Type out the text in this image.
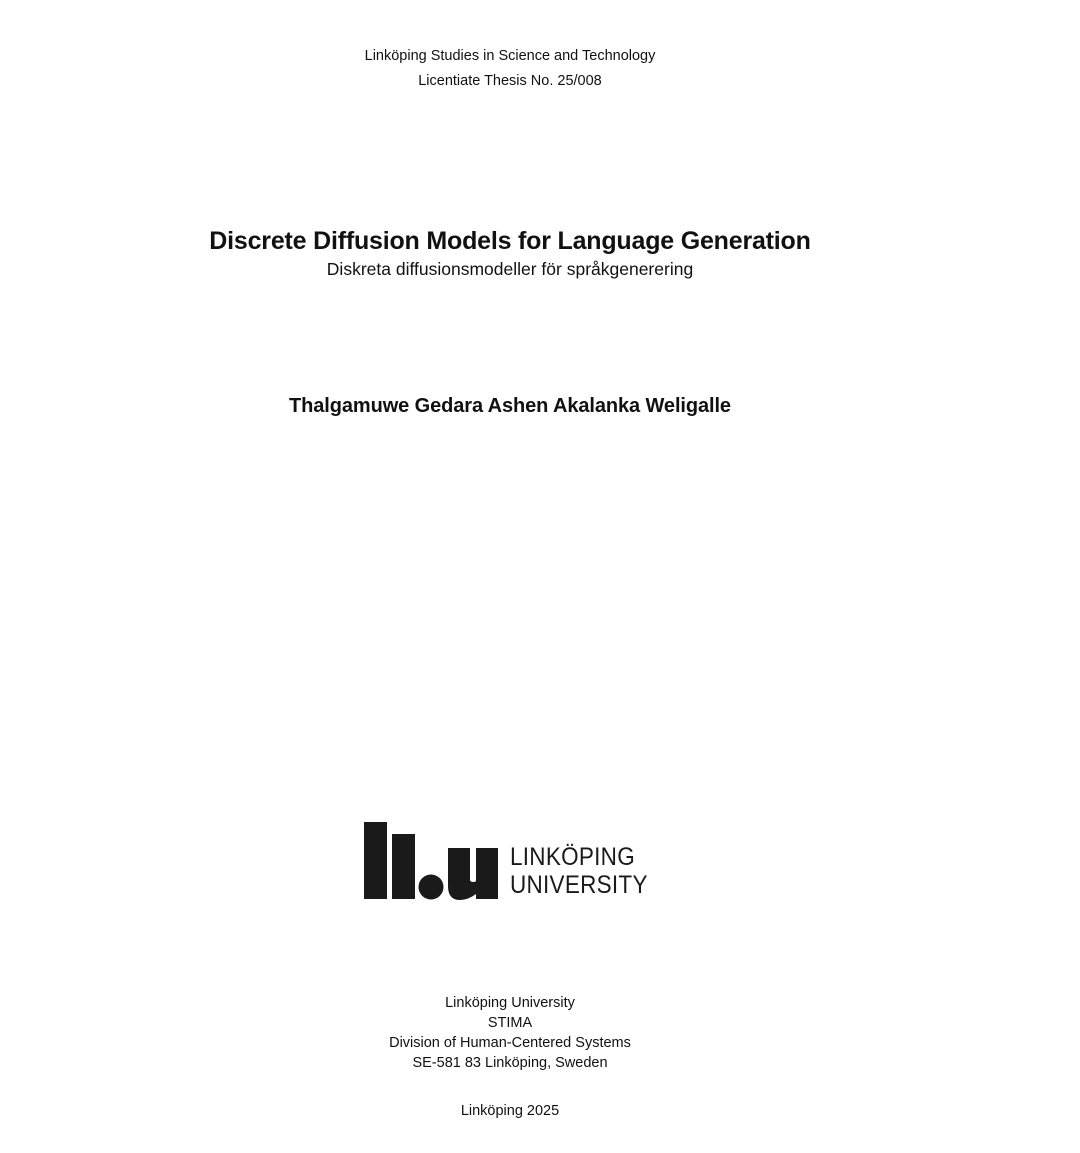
Linköping Studies in Science and Technology
Licentiate Thesis No. 25/008
Discrete Diffusion Models for Language Generation
Diskreta diffusionsmodeller för språkgenerering
Thalgamuwe Gedara Ashen Akalanka Weligalle
LINKÖPING
UNIVERSITY
Linköping University
STIMA
Division of Human-Centered Systems
SE-581 83 Linköping, Sweden
Linköping 2025
